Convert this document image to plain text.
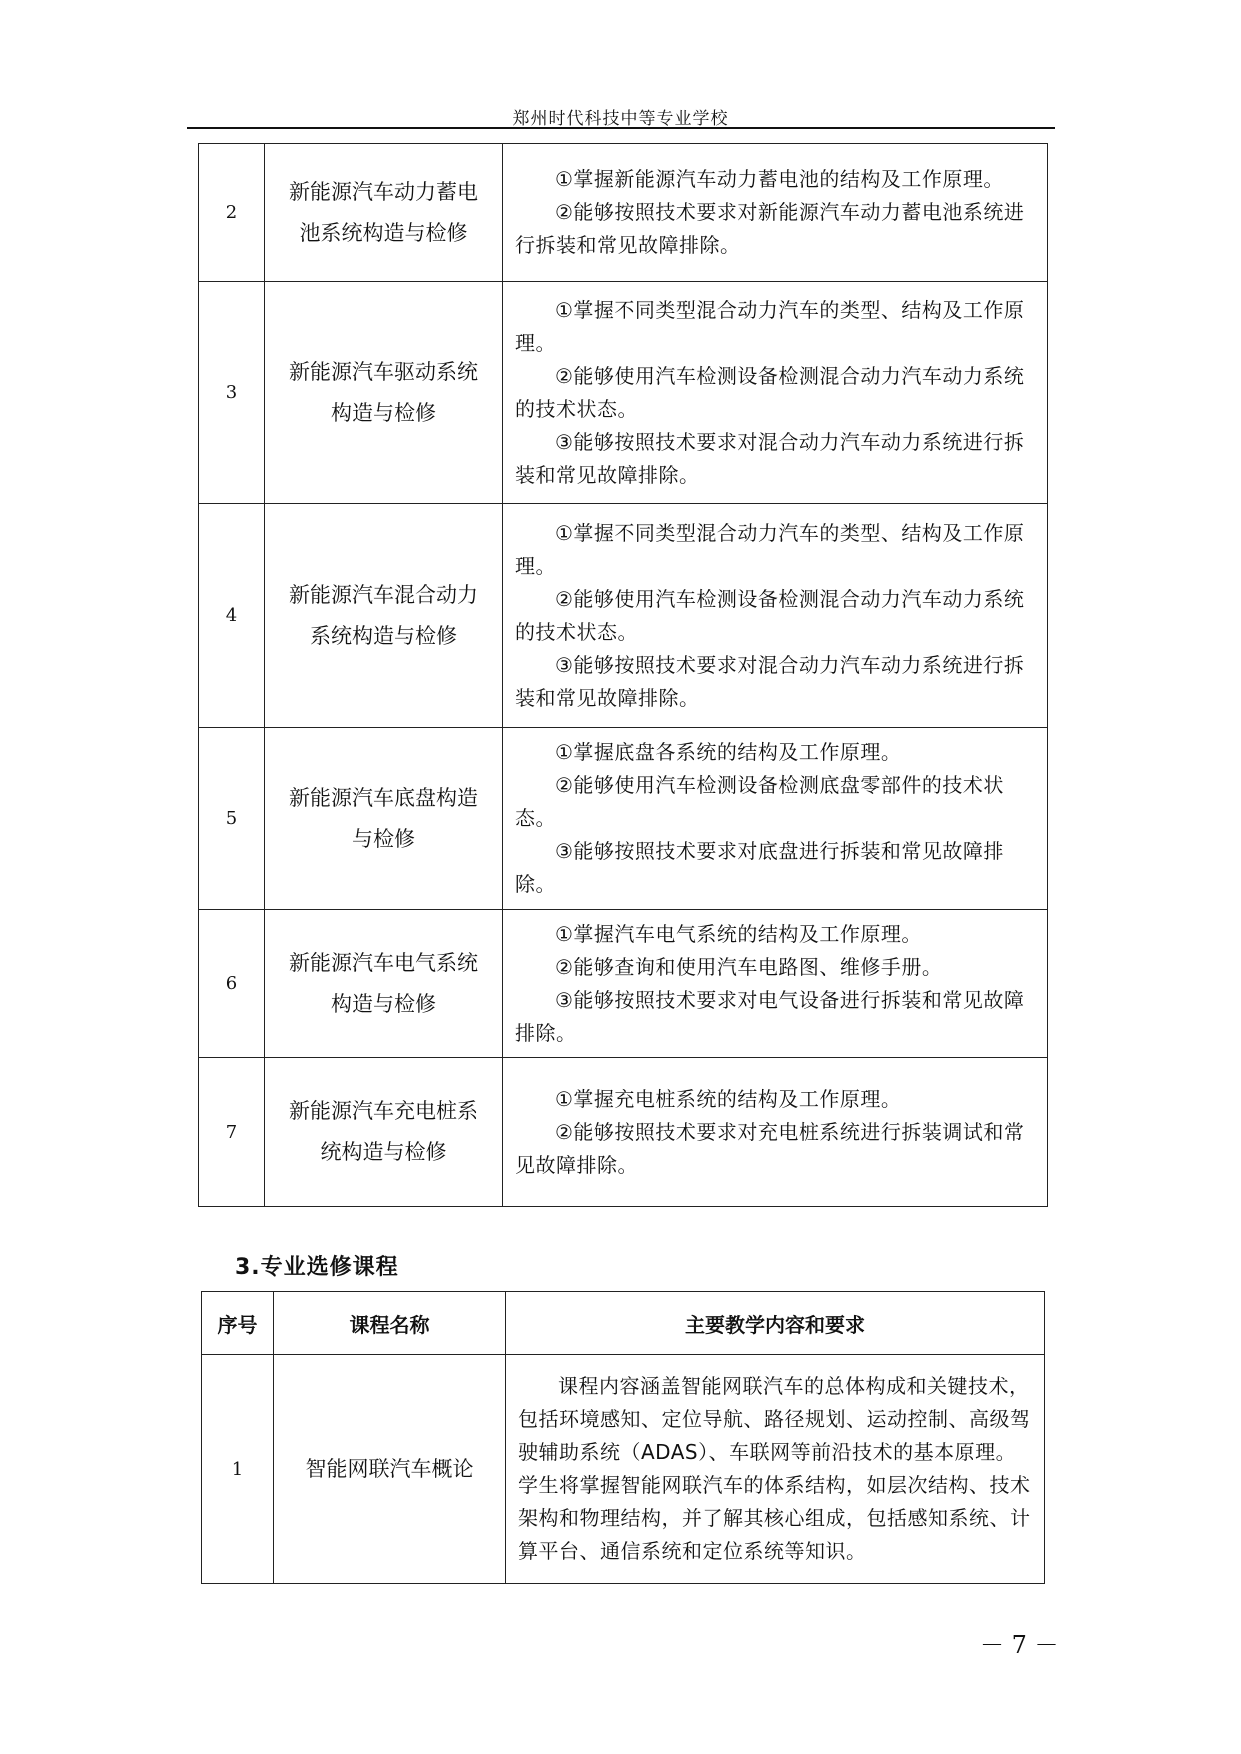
郑州时代科技中等专业学校
2	新能源汽车动力蓄电池系统构造与检修	①掌握新能源汽车动力蓄电池的结构及工作原理。

②能够按照技术要求对新能源汽车动力蓄电池系统进行拆装和常见故障排除。

3	新能源汽车驱动系统构造与检修	①掌握不同类型混合动力汽车的类型、结构及工作原理。

②能够使用汽车检测设备检测混合动力汽车动力系统的技术状态。

③能够按照技术要求对混合动力汽车动力系统进行拆装和常见故障排除。

4	新能源汽车混合动力系统构造与检修	①掌握不同类型混合动力汽车的类型、结构及工作原理。

②能够使用汽车检测设备检测混合动力汽车动力系统的技术状态。

③能够按照技术要求对混合动力汽车动力系统进行拆装和常见故障排除。

5	新能源汽车底盘构造与检修	①掌握底盘各系统的结构及工作原理。

②能够使用汽车检测设备检测底盘零部件的技术状态。

③能够按照技术要求对底盘进行拆装和常见故障排除。

6	新能源汽车电气系统构造与检修	①掌握汽车电气系统的结构及工作原理。

②能够查询和使用汽车电路图、维修手册。

③能够按照技术要求对电气设备进行拆装和常见故障排除。

7	新能源汽车充电桩系统构造与检修	①掌握充电桩系统的结构及工作原理。

②能够按照技术要求对充电桩系统进行拆装调试和常见故障排除。

3.专业选修课程
序号	课程名称	主要教学内容和要求
1	智能网联汽车概论	课程内容涵盖智能网联汽车的总体构成和关键技术，包括环境感知、定位导航、路径规划、运动控制、高级驾驶辅助系统（ADAS）、车联网等前沿技术的基本原理。学生将掌握智能网联汽车的体系结构，如层次结构、技术架构和物理结构，并了解其核心组成，包括感知系统、计算平台、通信系统和定位系统等知识。

－ 7 －
